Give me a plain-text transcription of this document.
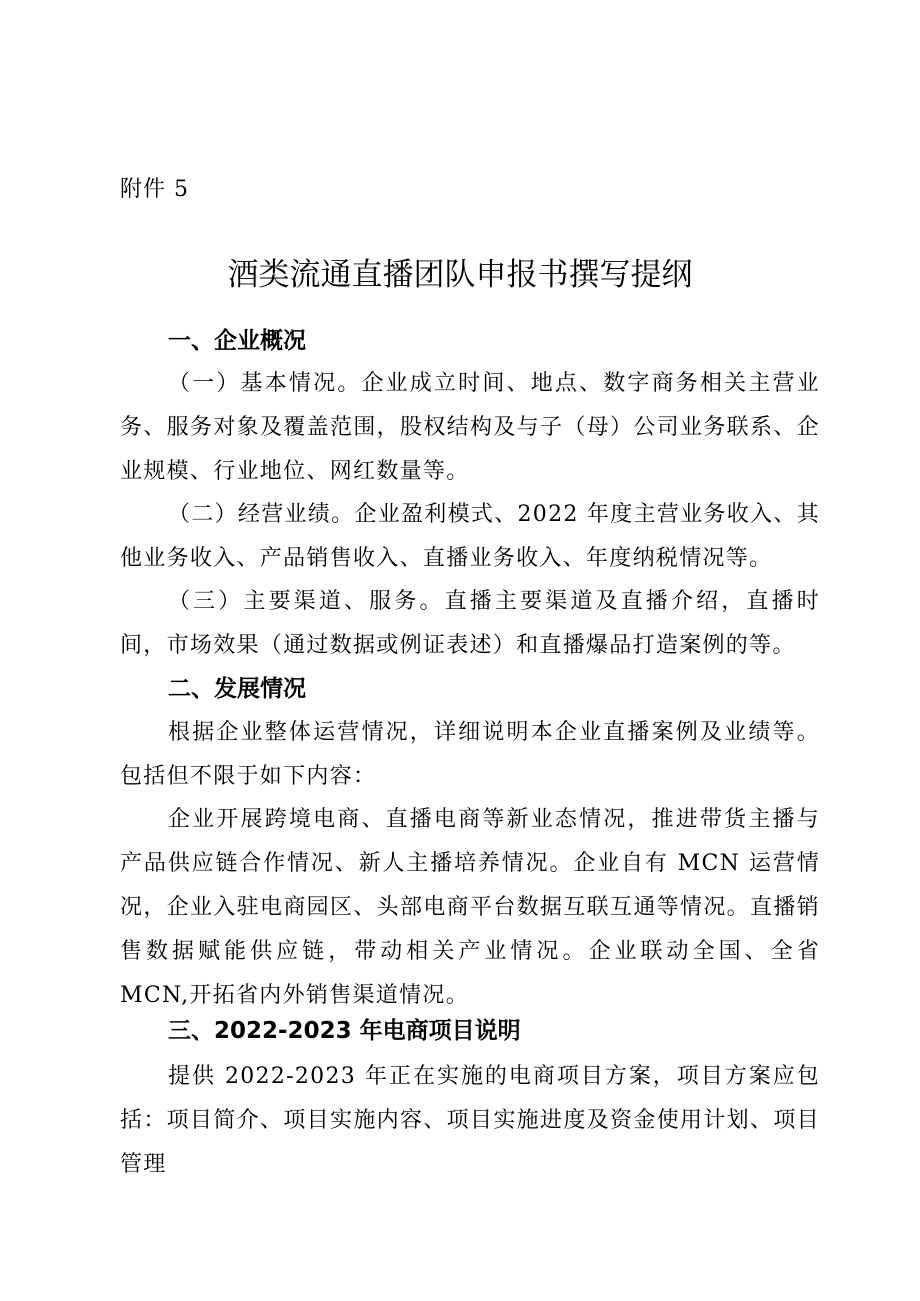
附件 5
酒类流通直播团队申报书撰写提纲
一、企业概况
（一）基本情况。企业成立时间、地点、数字商务相关主营业务、服务对象及覆盖范围，股权结构及与子（母）公司业务联系、企业规模、行业地位、网红数量等。
（二）经营业绩。企业盈利模式、2022 年度主营业务收入、其他业务收入、产品销售收入、直播业务收入、年度纳税情况等。
（三）主要渠道、服务。直播主要渠道及直播介绍，直播时间，市场效果（通过数据或例证表述）和直播爆品打造案例的等。
二、发展情况
根据企业整体运营情况，详细说明本企业直播案例及业绩等。包括但不限于如下内容：
企业开展跨境电商、直播电商等新业态情况，推进带货主播与产品供应链合作情况、新人主播培养情况。企业自有 MCN 运营情况，企业入驻电商园区、头部电商平台数据互联互通等情况。直播销售数据赋能供应链，带动相关产业情况。企业联动全国、全省 MCN,开拓省内外销售渠道情况。
三、2022-2023 年电商项目说明
提供 2022-2023 年正在实施的电商项目方案，项目方案应包括：项目简介、项目实施内容、项目实施进度及资金使用计划、项目管理
